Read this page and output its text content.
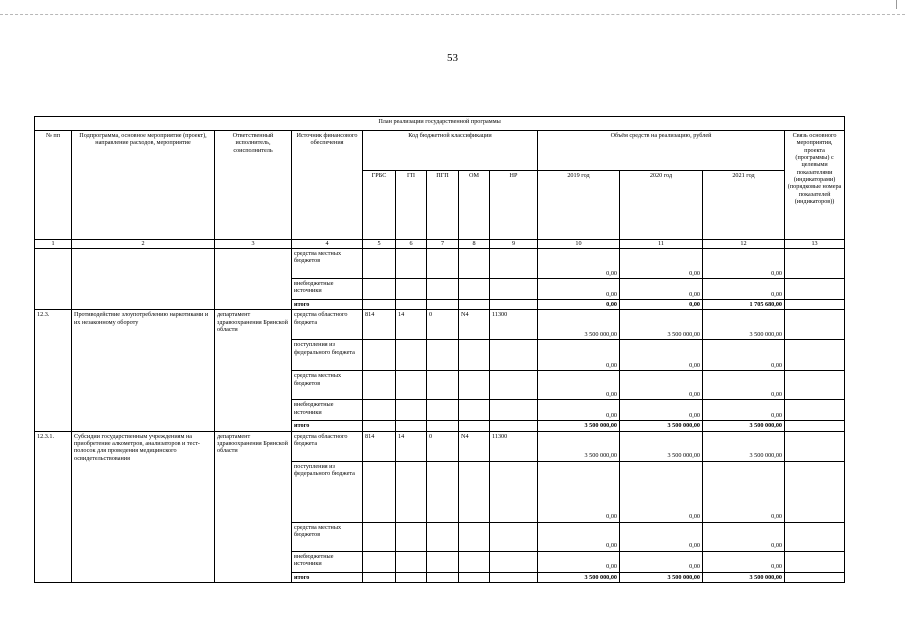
53
План реализации государственной программы												
№ пп	Подпрограмма, основное мероприятие (проект), направление расходов, мероприятие	Ответственный исполнитель, соисполнитель	Источник финансового обеспечения	Код бюджетной классификации					Объём средств на реализацию, рублей			Связь основного мероприятия, проекта (программы) с целевыми показателями (индикаторами) (порядковые номера показателей (индикаторов))
				ГРБС	ГП	ПГП	ОМ	НР	2019 год	2020 год	2021 год	
1	2	3	4	5	6	7	8	9	10	11	12	13
			средства местных бюджетов						0,00	0,00	0,00	
			внебюджетные источники						0,00	0,00	0,00	
			итого						0,00	0,00	1 705 680,00	
12.3.	Противодействие злоупотреблению наркотиками и их незаконному обороту	департамент здравоохранения Брянской области	средства областного бюджета	814	14	0	N4	11300	3 500 000,00	3 500 000,00	3 500 000,00	
			поступления из федерального бюджета						0,00	0,00	0,00	
			средства местных бюджетов						0,00	0,00	0,00	
			внебюджетные источники						0,00	0,00	0,00	
			итого						3 500 000,00	3 500 000,00	3 500 000,00	
12.3.1.	Субсидии государственным учреждениям на приобретение алкометров, анализаторов и тест-полосок для проведения медицинского освидетельствования	департамент здравоохранения Брянской области	средства областного бюджета	814	14	0	N4	11300	3 500 000,00	3 500 000,00	3 500 000,00	
			поступления из федерального бюджета						0,00	0,00	0,00	
			средства местных бюджетов						0,00	0,00	0,00	
			внебюджетные источники						0,00	0,00	0,00	
			итого						3 500 000,00	3 500 000,00	3 500 000,00	
